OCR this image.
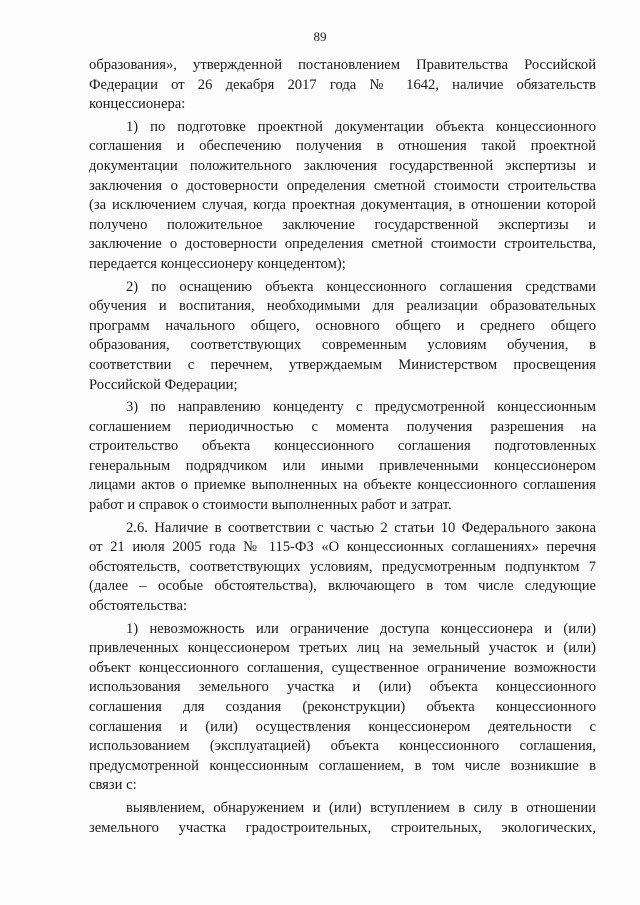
89
образования», утвержденной постановлением Правительства Российской
Федерации от 26 декабря 2017 года № 1642, наличие обязательств
концессионера:
1) по подготовке проектной документации объекта концессионного
соглашения и обеспечению получения в отношения такой проектной
документации положительного заключения государственной экспертизы и
заключения о достоверности определения сметной стоимости строительства
(за исключением случая, когда проектная документация, в отношении которой
получено положительное заключение государственной экспертизы и
заключение о достоверности определения сметной стоимости строительства,
передается концессионеру концедентом);
2) по оснащению объекта концессионного соглашения средствами
обучения и воспитания, необходимыми для реализации образовательных
программ начального общего, основного общего и среднего общего
образования, соответствующих современным условиям обучения, в
соответствии с перечнем, утверждаемым Министерством просвещения
Российской Федерации;
3) по направлению концеденту с предусмотренной концессионным
соглашением периодичностью с момента получения разрешения на
строительство объекта концессионного соглашения подготовленных
генеральным подрядчиком или иными привлеченными концессионером
лицами актов о приемке выполненных на объекте концессионного соглашения
работ и справок о стоимости выполненных работ и затрат.
2.6. Наличие в соответствии с частью 2 статьи 10 Федерального закона
от 21 июля 2005 года № 115-ФЗ «О концессионных соглашениях» перечня
обстоятельств, соответствующих условиям, предусмотренным подпунктом 7
(далее – особые обстоятельства), включающего в том числе следующие
обстоятельства:
1) невозможность или ограничение доступа концессионера и (или)
привлеченных концессионером третьих лиц на земельный участок и (или)
объект концессионного соглашения, существенное ограничение возможности
использования земельного участка и (или) объекта концессионного
соглашения для создания (реконструкции) объекта концессионного
соглашения и (или) осуществления концессионером деятельности с
использованием (эксплуатацией) объекта концессионного соглашения,
предусмотренной концессионным соглашением, в том числе возникшие в
связи с:
выявлением, обнаружением и (или) вступлением в силу в отношении
земельного участка градостроительных, строительных, экологических,
